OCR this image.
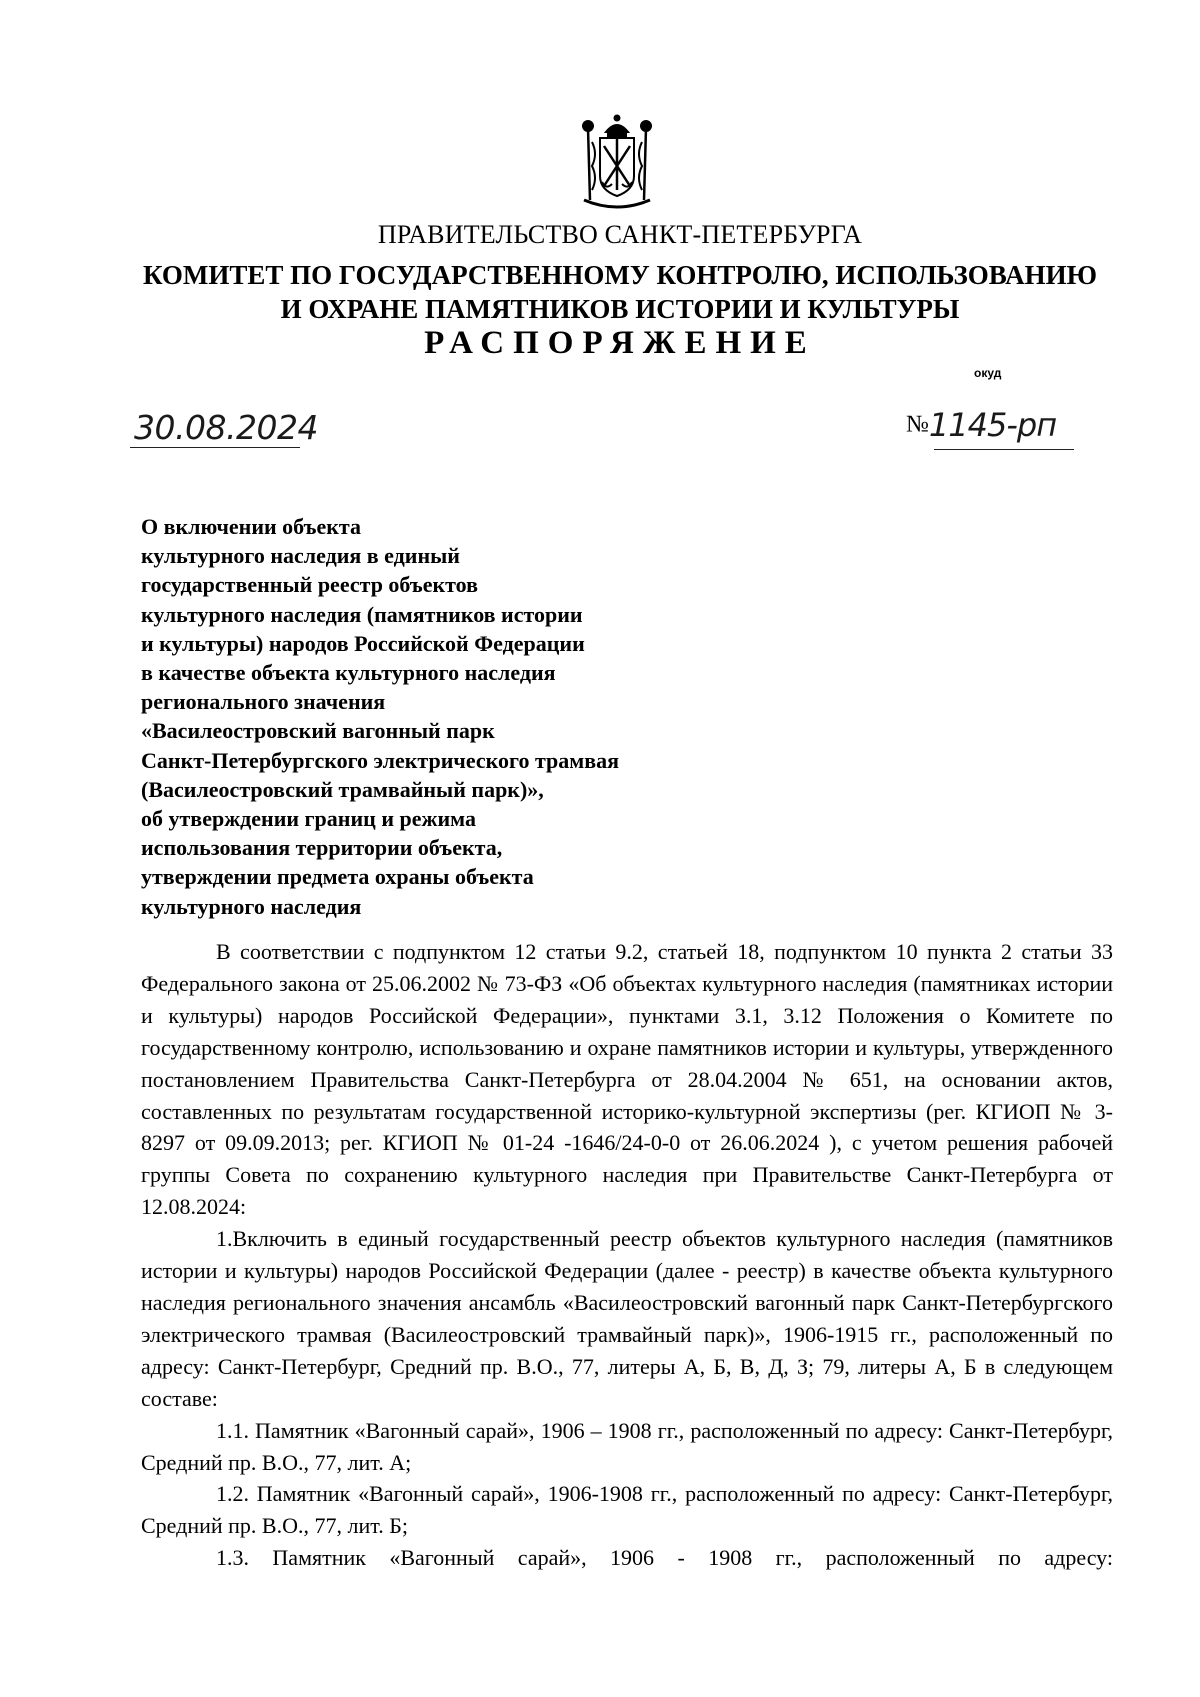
ПРАВИТЕЛЬСТВО САНКТ-ПЕТЕРБУРГА
КОМИТЕТ ПО ГОСУДАРСТВЕННОМУ КОНТРОЛЮ, ИСПОЛЬЗОВАНИЮ
И ОХРАНЕ ПАМЯТНИКОВ ИСТОРИИ И КУЛЬТУРЫ
РАСПОРЯЖЕНИЕ
окуд
30.08.2024	№1145-рп
О включении объекта
культурного наследия в единый
государственный реестр объектов
культурного наследия (памятников истории
и культуры) народов Российской Федерации
в качестве объекта культурного наследия
регионального значения
«Василеостровский вагонный парк
Санкт-Петербургского электрического трамвая
(Василеостровский трамвайный парк)»,
об утверждении границ и режима
использования территории объекта,
утверждении предмета охраны объекта
культурного наследия

В соответствии с подпунктом 12 статьи 9.2, статьей 18, подпунктом 10 пункта 2 статьи 33 Федерального закона от 25.06.2002 № 73-ФЗ «Об объектах культурного наследия (памятниках истории и культуры) народов Российской Федерации», пунктами 3.1, 3.12 Положения о Комитете по государственному контролю, использованию и охране памятников истории и культуры, утвержденного постановлением Правительства Санкт-Петербурга от 28.04.2004 № 651, на основании актов, составленных по результатам государственной историко-культурной экспертизы (рег. КГИОП № 3-8297 от 09.09.2013; рег. КГИОП № 01-24 -1646/24-0-0 от 26.06.2024 ), с учетом решения рабочей группы Совета по сохранению культурного наследия при Правительстве Санкт-Петербурга от 12.08.2024:

1.Включить в единый государственный реестр объектов культурного наследия (памятников истории и культуры) народов Российской Федерации (далее - реестр) в качестве объекта культурного наследия регионального значения ансамбль «Василеостровский вагонный парк Санкт-Петербургского электрического трамвая (Василеостровский трамвайный парк)», 1906-1915 гг., расположенный по адресу: Санкт-Петербург, Средний пр. В.О., 77, литеры А, Б, В, Д, З; 79, литеры А, Б в следующем составе:

1.1. Памятник «Вагонный сарай», 1906 – 1908 гг., расположенный по адресу: Санкт-Петербург, Средний пр. В.О., 77, лит. А;

1.2. Памятник «Вагонный сарай», 1906-1908 гг., расположенный по адресу: Санкт-Петербург, Средний пр. В.О., 77, лит. Б;

1.3. Памятник «Вагонный сарай», 1906 - 1908 гг., расположенный по адресу:
